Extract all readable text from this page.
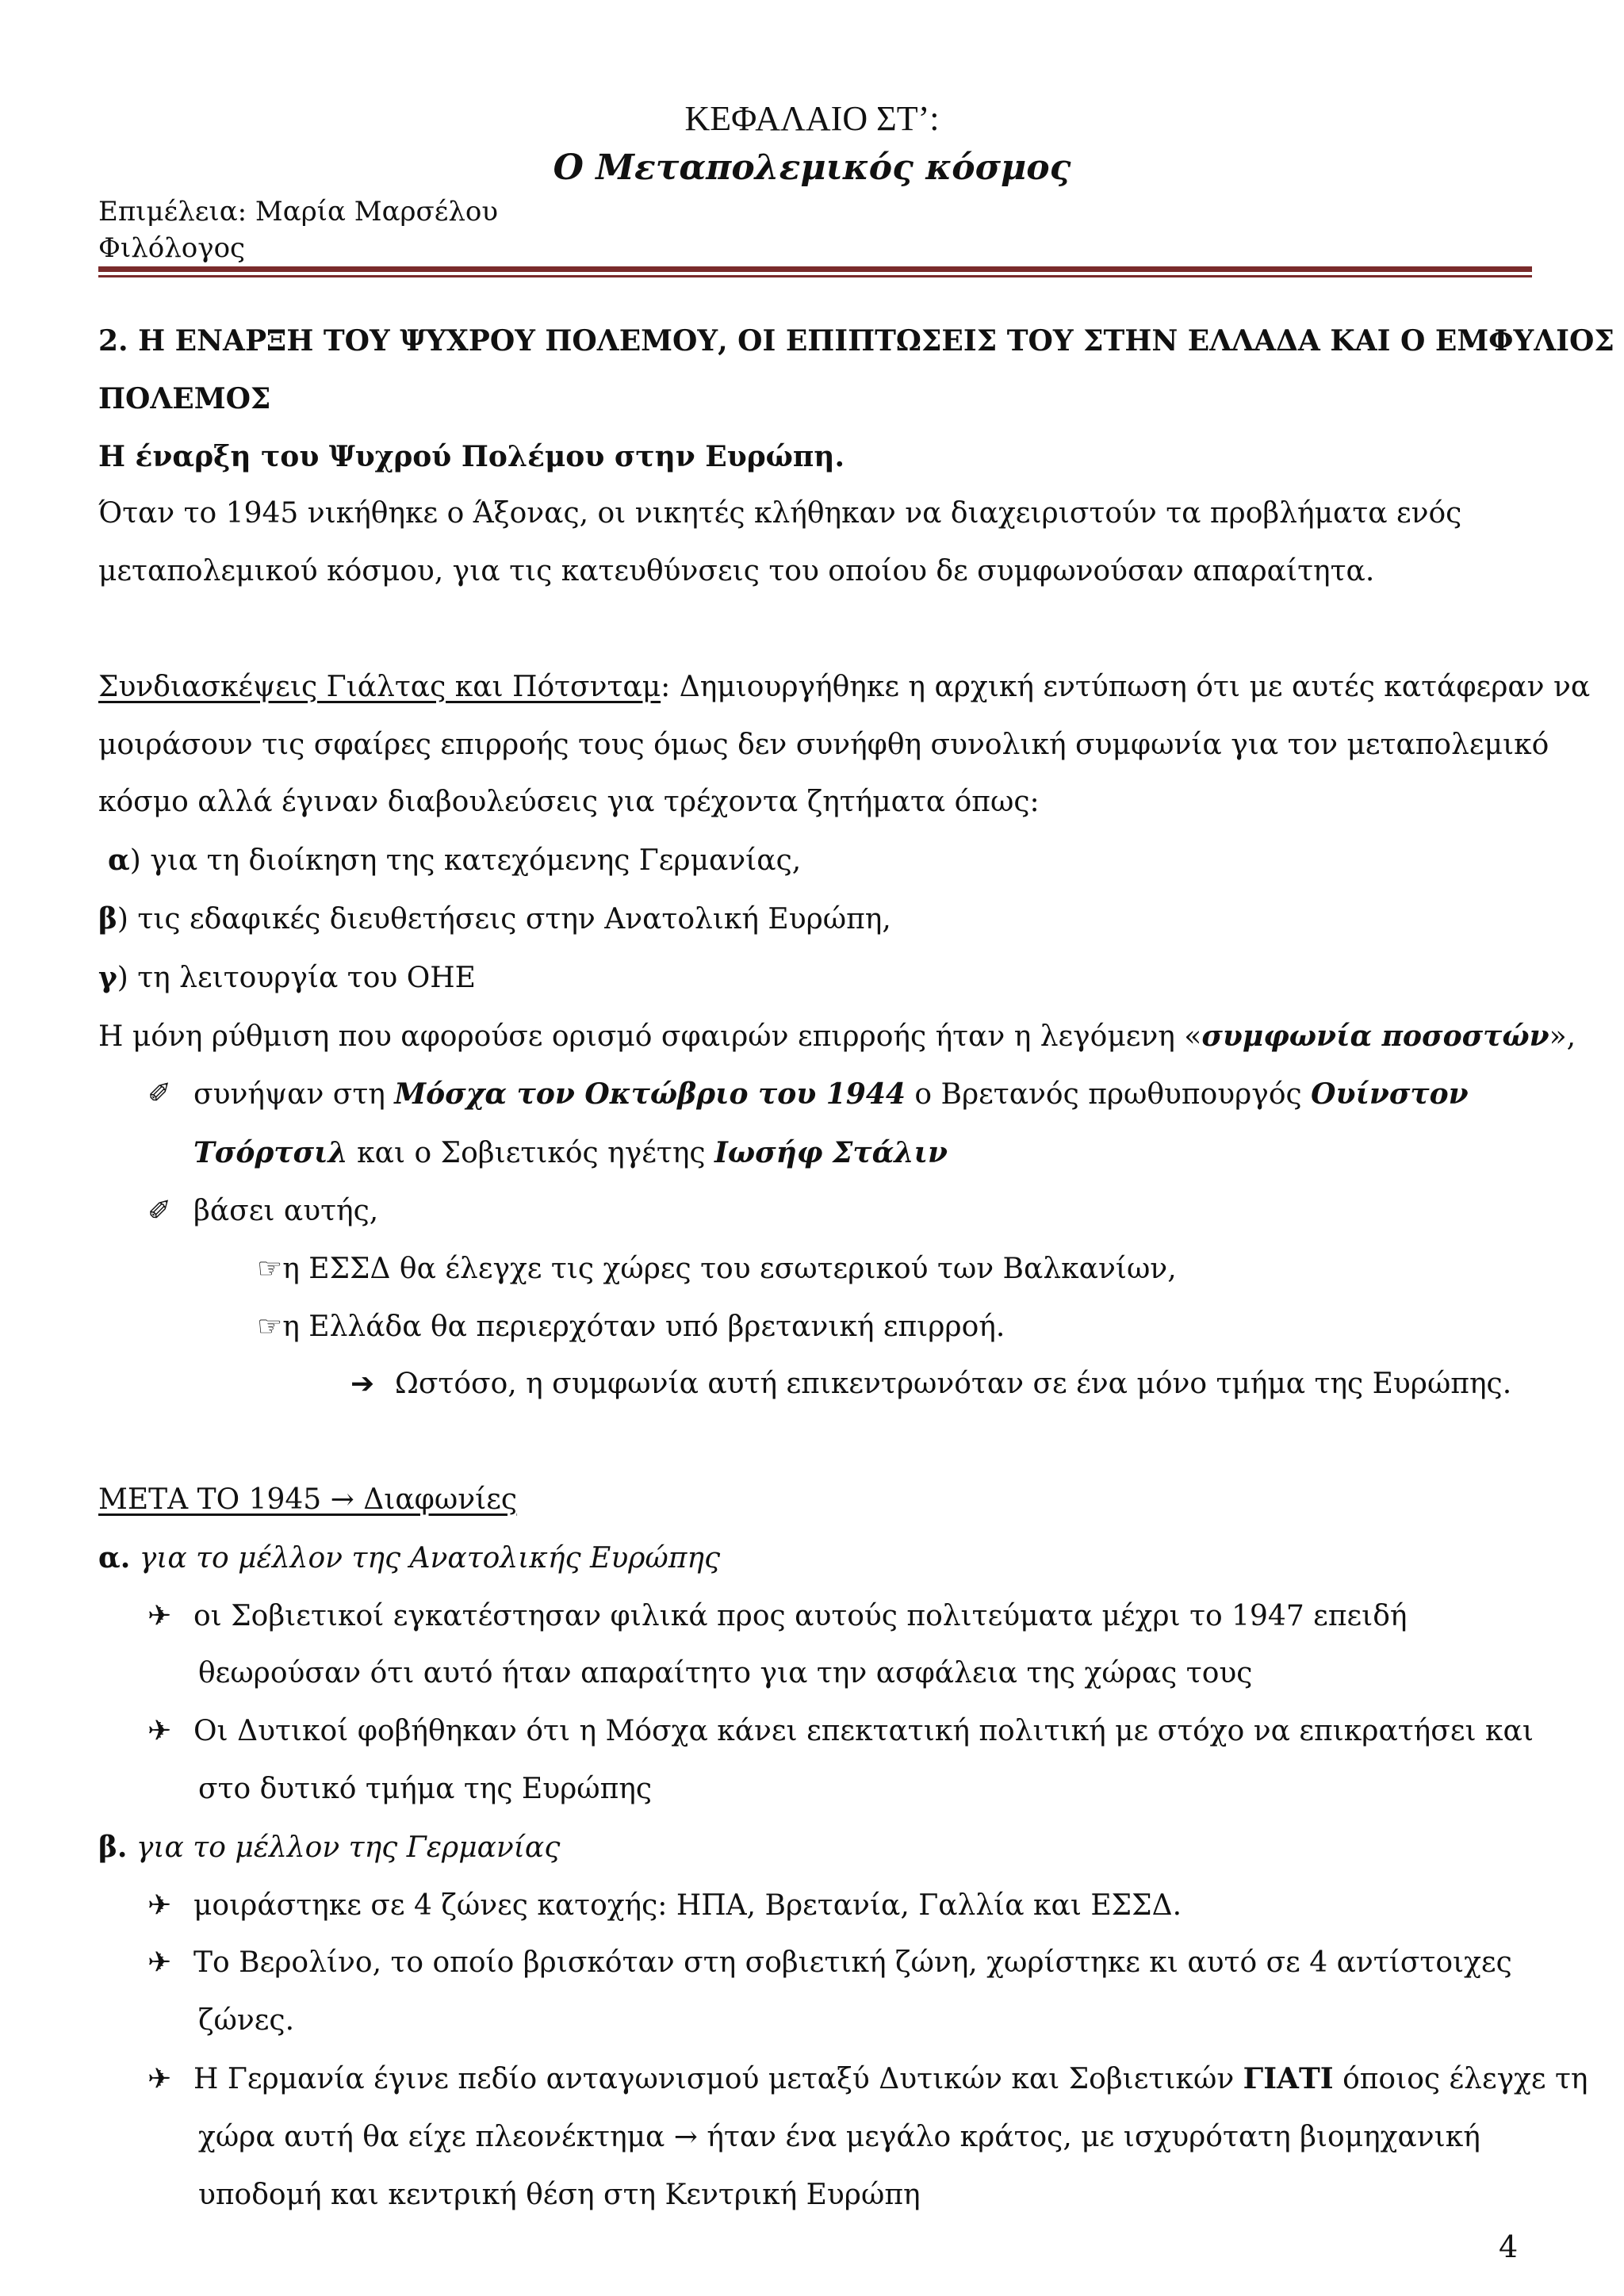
ΚΕΦΑΛΑΙΟ ΣΤ’:
Ο Μεταπολεμικός κόσμος
Επιμέλεια: Μαρία Μαρσέλου
Φιλόλογος
2. Η ΕΝΑΡΞΗ ΤΟΥ ΨΥΧΡΟΥ ΠΟΛΕΜΟΥ, ΟΙ ΕΠΙΠΤΩΣΕΙΣ ΤΟΥ ΣΤΗΝ ΕΛΛΑΔΑ ΚΑΙ Ο ΕΜΦΥΛΙΟΣ
ΠΟΛΕΜΟΣ
Η έναρξη του Ψυχρού Πολέμου στην Ευρώπη.
Όταν το 1945 νικήθηκε ο Άξονας, οι νικητές κλήθηκαν να διαχειριστούν τα προβλήματα ενός
μεταπολεμικού κόσμου, για τις κατευθύνσεις του οποίου δε συμφωνούσαν απαραίτητα.
Συνδιασκέψεις Γιάλτας και Πότσνταμ: Δημιουργήθηκε η αρχική εντύπωση ότι με αυτές κατάφεραν να
μοιράσουν τις σφαίρες επιρροής τους όμως δεν συνήφθη συνολική συμφωνία για τον μεταπολεμικό
κόσμο αλλά έγιναν διαβουλεύσεις για τρέχοντα ζητήματα όπως:
α) για τη διοίκηση της κατεχόμενης Γερμανίας,
β) τις εδαφικές διευθετήσεις στην Ανατολική Ευρώπη,
γ) τη λειτουργία του ΟΗΕ
Η μόνη ρύθμιση που αφορούσε ορισμό σφαιρών επιρροής ήταν η λεγόμενη «συμφωνία ποσοστών»,
✐ συνήψαν στη Μόσχα τον Οκτώβριο του 1944 ο Βρετανός πρωθυπουργός Ουίνστον
Τσόρτσιλ και ο Σοβιετικός ηγέτης Ιωσήφ Στάλιν
✐ βάσει αυτής,
☞η ΕΣΣΔ θα έλεγχε τις χώρες του εσωτερικού των Βαλκανίων,
☞η Ελλάδα θα περιερχόταν υπό βρετανική επιρροή.
➔ Ωστόσο, η συμφωνία αυτή επικεντρωνόταν σε ένα μόνο τμήμα της Ευρώπης.
ΜΕΤΑ ΤΟ 1945 → Διαφωνίες
α. για το μέλλον της Ανατολικής Ευρώπης
✈ οι Σοβιετικοί εγκατέστησαν φιλικά προς αυτούς πολιτεύματα μέχρι το 1947 επειδή
θεωρούσαν ότι αυτό ήταν απαραίτητο για την ασφάλεια της χώρας τους
✈ Οι Δυτικοί φοβήθηκαν ότι η Μόσχα κάνει επεκτατική πολιτική με στόχο να επικρατήσει και
στο δυτικό τμήμα της Ευρώπης
β. για το μέλλον της Γερμανίας
✈ μοιράστηκε σε 4 ζώνες κατοχής: ΗΠΑ, Βρετανία, Γαλλία και ΕΣΣΔ.
✈ Το Βερολίνο, το οποίο βρισκόταν στη σοβιετική ζώνη, χωρίστηκε κι αυτό σε 4 αντίστοιχες
ζώνες.
✈ Η Γερμανία έγινε πεδίο ανταγωνισμού μεταξύ Δυτικών και Σοβιετικών ΓΙΑΤΙ όποιος έλεγχε τη
χώρα αυτή θα είχε πλεονέκτημα → ήταν ένα μεγάλο κράτος, με ισχυρότατη βιομηχανική
υποδομή και κεντρική θέση στη Κεντρική Ευρώπη
4
